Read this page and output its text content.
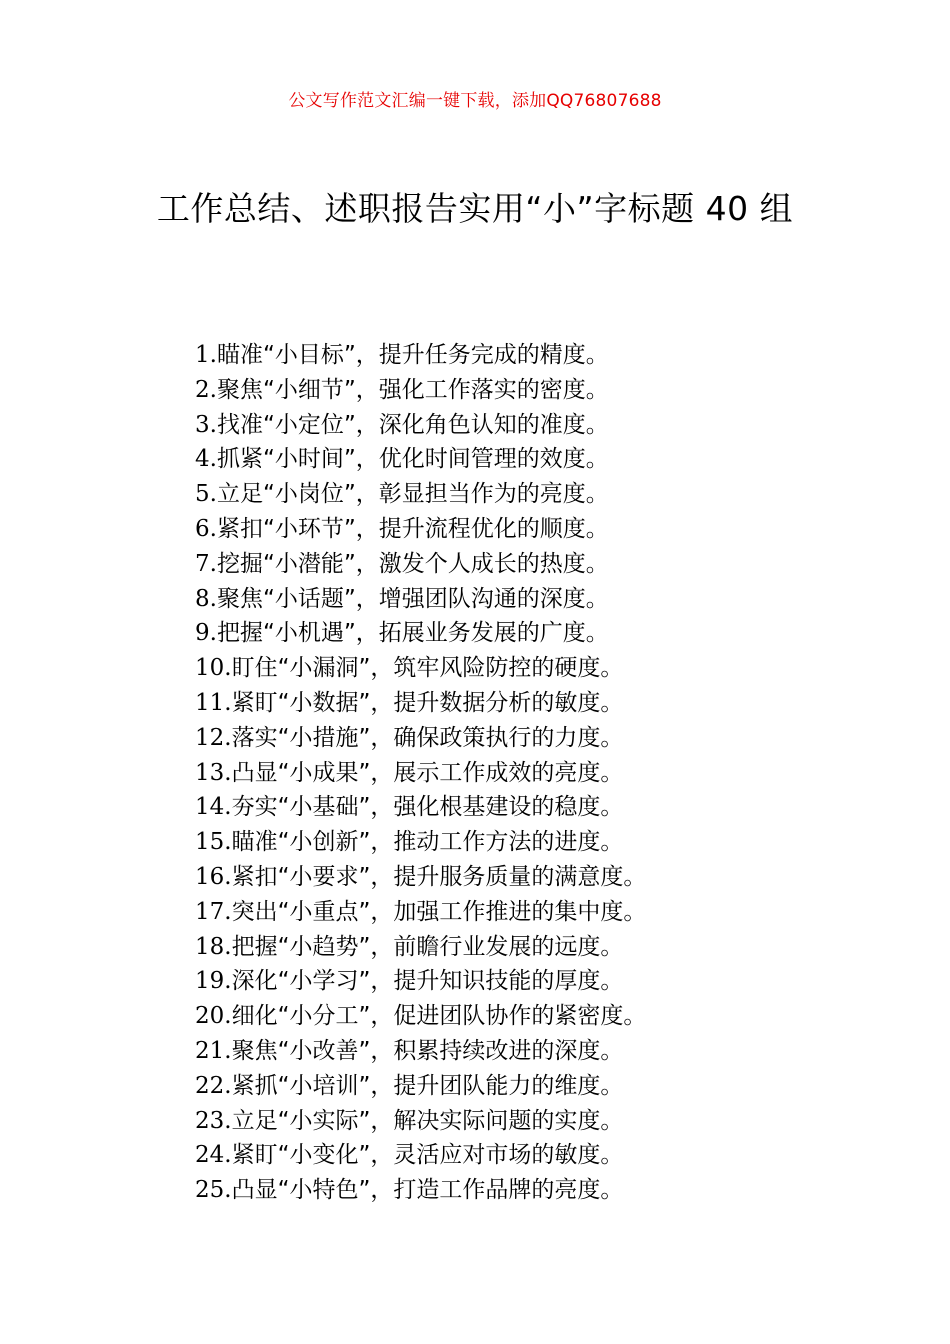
公文写作范文汇编一键下载，添加QQ76807688
工作总结、述职报告实用“小”字标题 40 组
1.瞄准“小目标”，提升任务完成的精度。
2.聚焦“小细节”，强化工作落实的密度。
3.找准“小定位”，深化角色认知的准度。
4.抓紧“小时间”，优化时间管理的效度。
5.立足“小岗位”，彰显担当作为的亮度。
6.紧扣“小环节”，提升流程优化的顺度。
7.挖掘“小潜能”，激发个人成长的热度。
8.聚焦“小话题”，增强团队沟通的深度。
9.把握“小机遇”，拓展业务发展的广度。
10.盯住“小漏洞”，筑牢风险防控的硬度。
11.紧盯“小数据”，提升数据分析的敏度。
12.落实“小措施”，确保政策执行的力度。
13.凸显“小成果”，展示工作成效的亮度。
14.夯实“小基础”，强化根基建设的稳度。
15.瞄准“小创新”，推动工作方法的进度。
16.紧扣“小要求”，提升服务质量的满意度。
17.突出“小重点”，加强工作推进的集中度。
18.把握“小趋势”，前瞻行业发展的远度。
19.深化“小学习”，提升知识技能的厚度。
20.细化“小分工”，促进团队协作的紧密度。
21.聚焦“小改善”，积累持续改进的深度。
22.紧抓“小培训”，提升团队能力的维度。
23.立足“小实际”，解决实际问题的实度。
24.紧盯“小变化”，灵活应对市场的敏度。
25.凸显“小特色”，打造工作品牌的亮度。
